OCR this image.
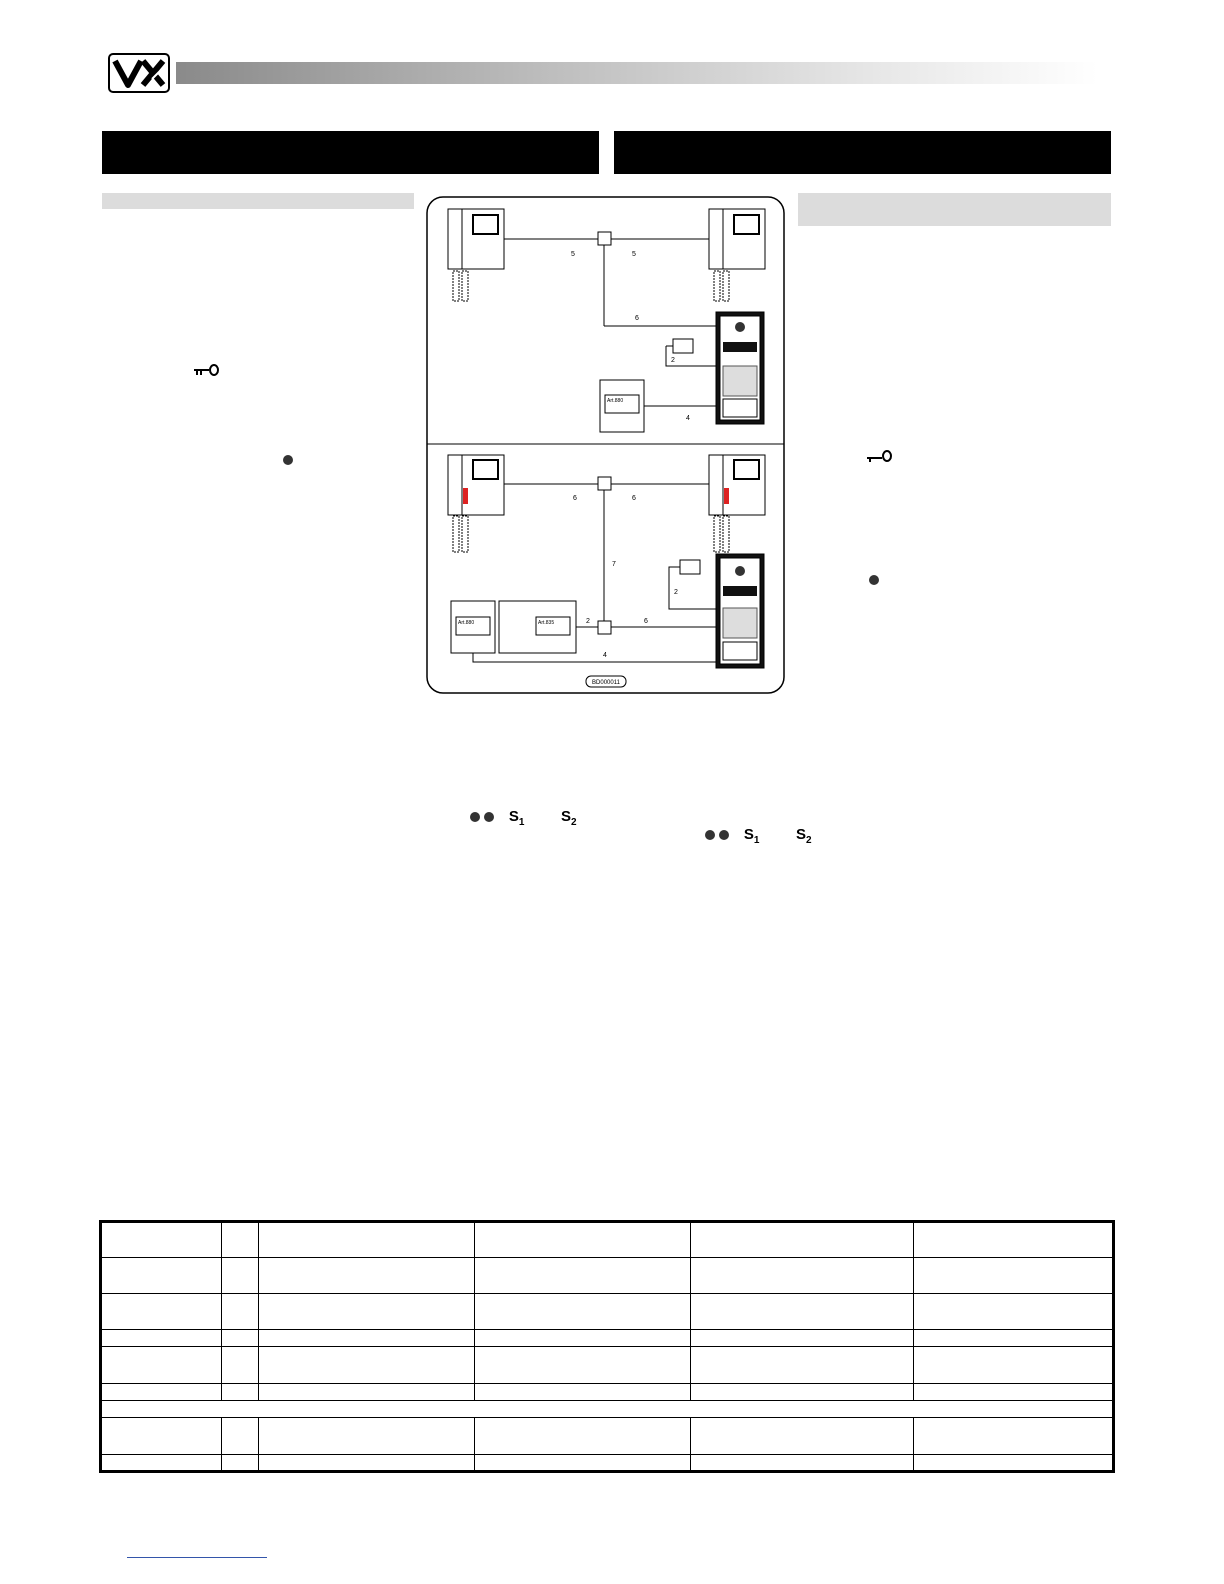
Art.880
5	5
6
2
4
Art.880	Art.835
6	6
7
2
2	6
4
BD000011
$S_1$ $S_2$
$S_1$ $S_2$
